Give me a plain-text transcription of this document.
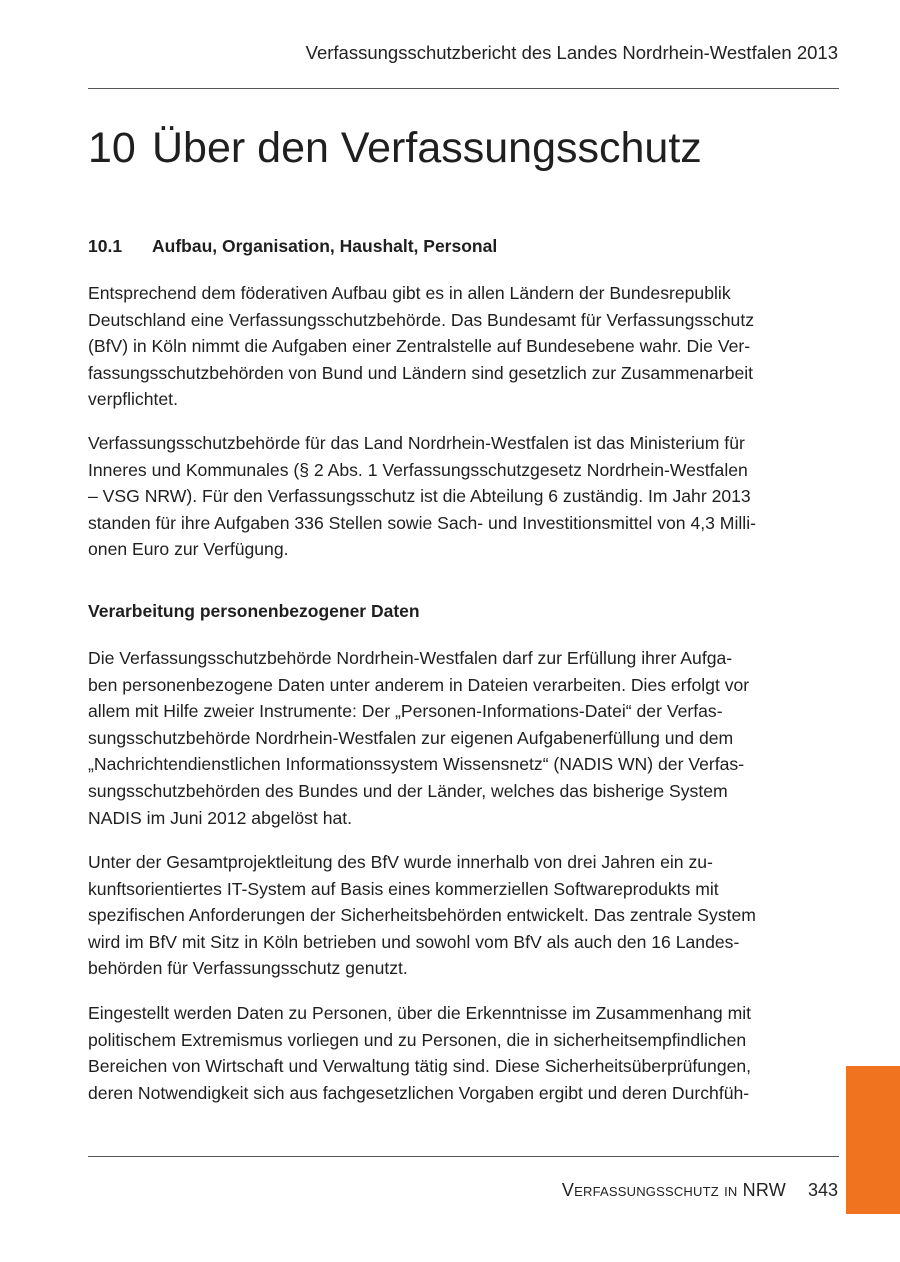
Verfassungsschutzbericht des Landes Nordrhein-Westfalen 2013
10 Über den Verfassungsschutz
10.1 Aufbau, Organisation, Haushalt, Personal

Entsprechend dem föderativen Aufbau gibt es in allen Ländern der Bundesrepublik
Deutschland eine Verfassungsschutzbehörde. Das Bundesamt für Verfassungsschutz
(BfV) in Köln nimmt die Aufgaben einer Zentralstelle auf Bundesebene wahr. Die Ver-
fassungsschutzbehörden von Bund und Ländern sind gesetzlich zur Zusammenarbeit
verpflichtet.

Verfassungsschutzbehörde für das Land Nordrhein-Westfalen ist das Ministerium für
Inneres und Kommunales (§ 2 Abs. 1 Verfassungsschutzgesetz Nordrhein-Westfalen
– VSG NRW). Für den Verfassungsschutz ist die Abteilung 6 zuständig. Im Jahr 2013
standen für ihre Aufgaben 336 Stellen sowie Sach- und Investitionsmittel von 4,3 Milli-
onen Euro zur Verfügung.

Verarbeitung personenbezogener Daten

Die Verfassungsschutzbehörde Nordrhein-Westfalen darf zur Erfüllung ihrer Aufga-
ben personenbezogene Daten unter anderem in Dateien verarbeiten. Dies erfolgt vor
allem mit Hilfe zweier Instrumente: Der „Personen-Informations-Datei“ der Verfas-
sungsschutzbehörde Nordrhein-Westfalen zur eigenen Aufgabenerfüllung und dem
„Nachrichtendienstlichen Informationssystem Wissensnetz“ (NADIS WN) der Verfas-
sungsschutzbehörden des Bundes und der Länder, welches das bisherige System
NADIS im Juni 2012 abgelöst hat.

Unter der Gesamtprojektleitung des BfV wurde innerhalb von drei Jahren ein zu-
kunftsorientiertes IT-System auf Basis eines kommerziellen Softwareprodukts mit
spezifischen Anforderungen der Sicherheitsbehörden entwickelt. Das zentrale System
wird im BfV mit Sitz in Köln betrieben und sowohl vom BfV als auch den 16 Landes-
behörden für Verfassungsschutz genutzt.

Eingestellt werden Daten zu Personen, über die Erkenntnisse im Zusammenhang mit
politischem Extremismus vorliegen und zu Personen, die in sicherheitsempfindlichen
Bereichen von Wirtschaft und Verwaltung tätig sind. Diese Sicherheitsüberprüfungen,
deren Notwendigkeit sich aus fachgesetzlichen Vorgaben ergibt und deren Durchfüh-

Verfassungsschutz in NRW 343
